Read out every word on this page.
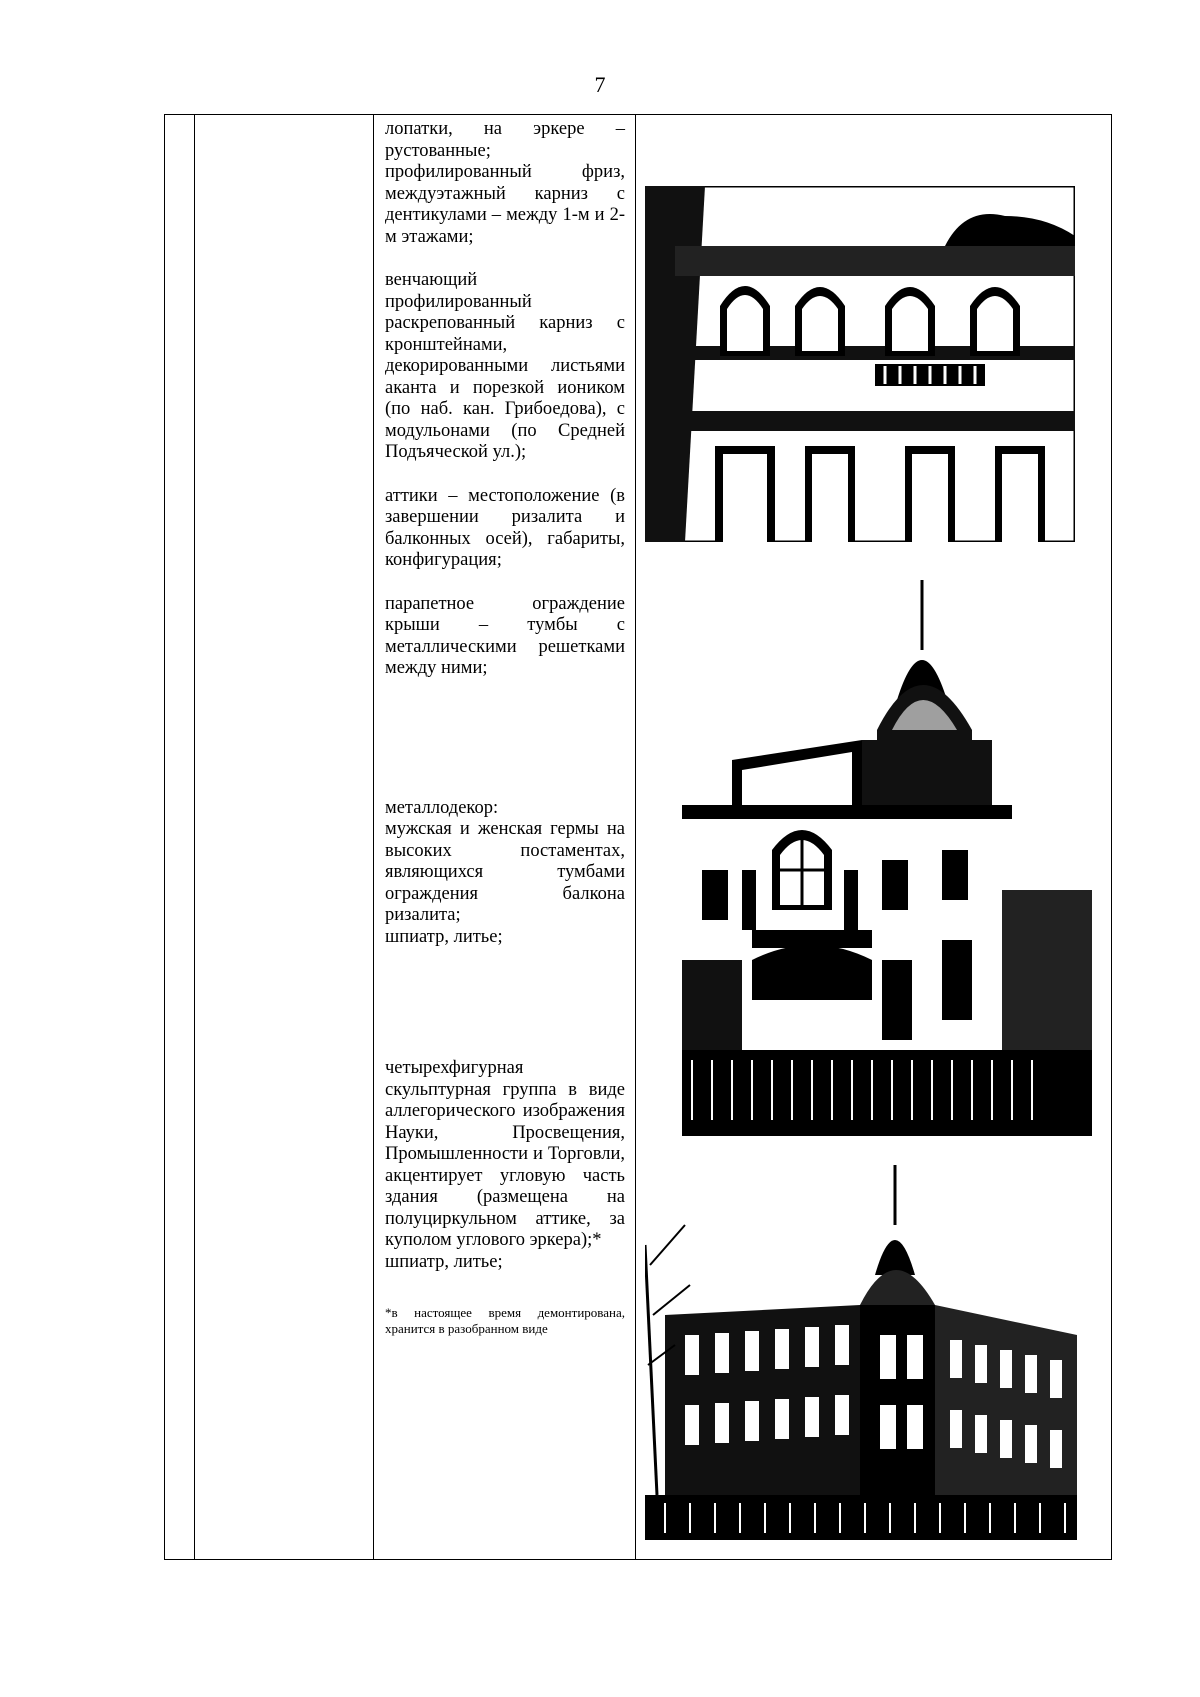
7

лопатки, на эркере – рустованные;

профилированный фриз, междуэтажный карниз с дентикулами – между 1-м и 2-м этажами;

венчающий профилированный раскрепованный карниз с кронштейнами, декорированными листьями аканта и порезкой иоником (по наб. кан. Грибоедова), с модульонами (по Средней Подъяческой ул.);

аттики – местоположение (в завершении ризалита и балконных осей), габариты, конфигурация;

парапетное ограждение крыши – тумбы с металлическими решетками между ними;

металлодекор:

мужская и женская гермы на высоких постаментах, являющихся тумбами ограждения балкона ризалита;

шпиатр, литье;

четырехфигурная скульптурная группа в виде аллегорического изображения Науки, Просвещения, Промышленности и Торговли, акцентирует угловую часть здания (размещена на полуциркульном аттике, за куполом углового эркера);*

шпиатр, литье;

*в настоящее время демонтирована, хранится в разобранном виде
